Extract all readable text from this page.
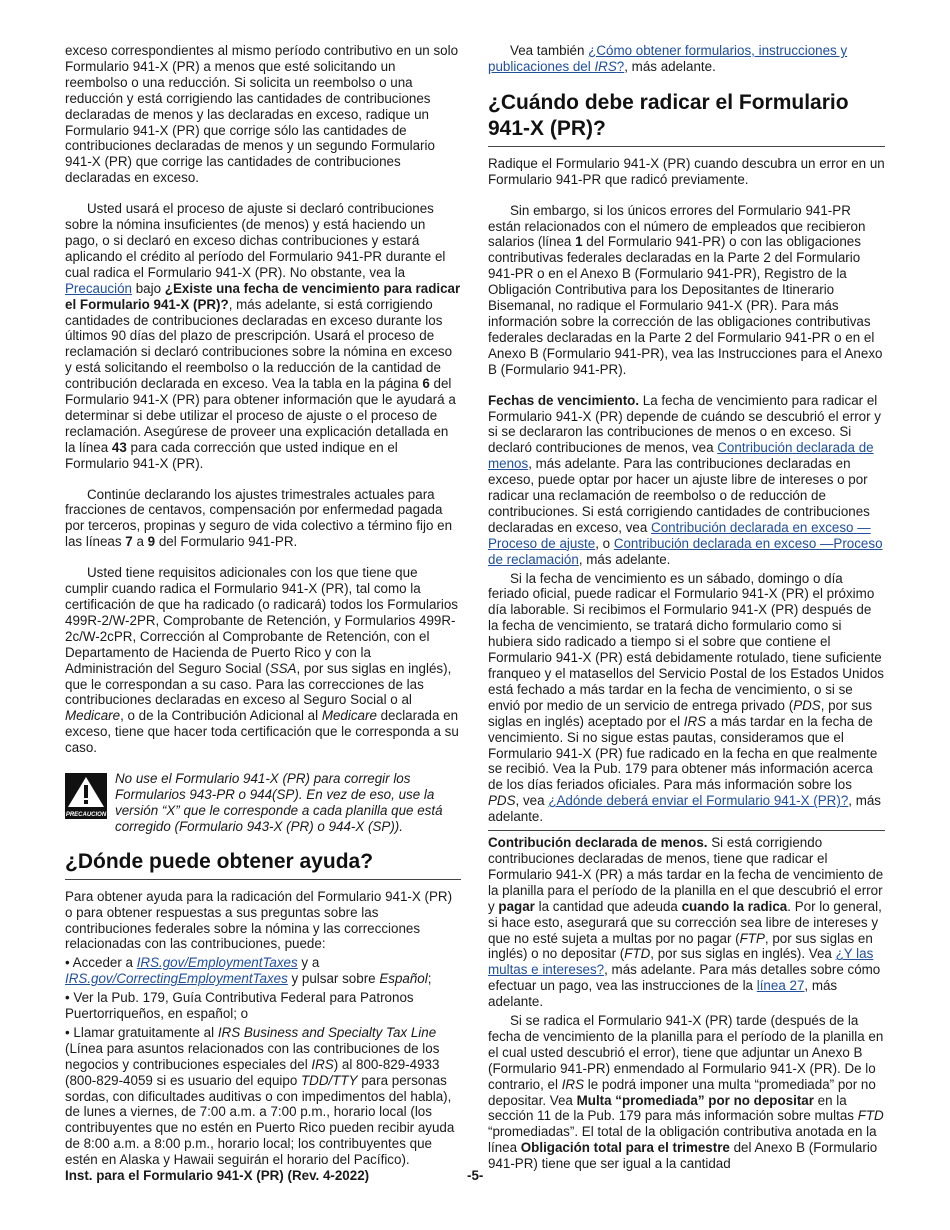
exceso correspondientes al mismo período contributivo en un solo Formulario 941-X (PR) a menos que esté solicitando un reembolso o una reducción. Si solicita un reembolso o una reducción y está corrigiendo las cantidades de contribuciones declaradas de menos y las declaradas en exceso, radique un Formulario 941-X (PR) que corrige sólo las cantidades de contribuciones declaradas de menos y un segundo Formulario 941-X (PR) que corrige las cantidades de contribuciones declaradas en exceso.

Usted usará el proceso de ajuste si declaró contribuciones sobre la nómina insuficientes (de menos) y está haciendo un pago, o si declaró en exceso dichas contribuciones y estará aplicando el crédito al período del Formulario 941-PR durante el cual radica el Formulario 941-X (PR). No obstante, vea la Precaución bajo ¿Existe una fecha de vencimiento para radicar el Formulario 941-X (PR)?, más adelante, si está corrigiendo cantidades de contribuciones declaradas en exceso durante los últimos 90 días del plazo de prescripción. Usará el proceso de reclamación si declaró contribuciones sobre la nómina en exceso y está solicitando el reembolso o la reducción de la cantidad de contribución declarada en exceso. Vea la tabla en la página 6 del Formulario 941-X (PR) para obtener información que le ayudará a determinar si debe utilizar el proceso de ajuste o el proceso de reclamación. Asegúrese de proveer una explicación detallada en la línea 43 para cada corrección que usted indique en el Formulario 941-X (PR).

Continúe declarando los ajustes trimestrales actuales para fracciones de centavos, compensación por enfermedad pagada por terceros, propinas y seguro de vida colectivo a término fijo en las líneas 7 a 9 del Formulario 941-PR.

Usted tiene requisitos adicionales con los que tiene que cumplir cuando radica el Formulario 941-X (PR), tal como la certificación de que ha radicado (o radicará) todos los Formularios 499R-2/W-2PR, Comprobante de Retención, y Formularios 499R-2c/W-2cPR, Corrección al Comprobante de Retención, con el Departamento de Hacienda de Puerto Rico y con la Administración del Seguro Social (SSA, por sus siglas en inglés), que le correspondan a su caso. Para las correcciones de las contribuciones declaradas en exceso al Seguro Social o al Medicare, o de la Contribución Adicional al Medicare declarada en exceso, tiene que hacer toda certificación que le corresponda a su caso.

PRECAUCION
No use el Formulario 941-X (PR) para corregir los Formularios 943-PR o 944(SP). En vez de eso, use la versión “X” que le corresponde a cada planilla que está corregido (Formulario 943-X (PR) o 944-X (SP)).
¿Dónde puede obtener ayuda?

Para obtener ayuda para la radicación del Formulario 941-X (PR) o para obtener respuestas a sus preguntas sobre las contribuciones federales sobre la nómina y las correcciones relacionadas con las contribuciones, puede:

• Acceder a IRS.gov/EmploymentTaxes y a IRS.gov/CorrectingEmploymentTaxes y pulsar sobre Español;

• Ver la Pub. 179, Guía Contributiva Federal para Patronos Puertorriqueños, en español; o

• Llamar gratuitamente al IRS Business and Specialty Tax Line (Línea para asuntos relacionados con las contribuciones de los negocios y contribuciones especiales del IRS) al 800-829-4933 (800-829-4059 si es usuario del equipo TDD/TTY para personas sordas, con dificultades auditivas o con impedimentos del habla), de lunes a viernes, de 7:00 a.m. a 7:00 p.m., horario local (los contribuyentes que no estén en Puerto Rico pueden recibir ayuda de 8:00 a.m. a 8:00 p.m., horario local; los contribuyentes que estén en Alaska y Hawaii seguirán el horario del Pacífico).

Vea también ¿Cómo obtener formularios, instrucciones y publicaciones del IRS?, más adelante.

¿Cuándo debe radicar el Formulario 941-X (PR)?

Radique el Formulario 941-X (PR) cuando descubra un error en un Formulario 941-PR que radicó previamente.

Sin embargo, si los únicos errores del Formulario 941-PR están relacionados con el número de empleados que recibieron salarios (línea 1 del Formulario 941-PR) o con las obligaciones contributivas federales declaradas en la Parte 2 del Formulario 941-PR o en el Anexo B (Formulario 941-PR), Registro de la Obligación Contributiva para los Depositantes de Itinerario Bisemanal, no radique el Formulario 941-X (PR). Para más información sobre la corrección de las obligaciones contributivas federales declaradas en la Parte 2 del Formulario 941-PR o en el Anexo B (Formulario 941-PR), vea las Instrucciones para el Anexo B (Formulario 941-PR).

Fechas de vencimiento. La fecha de vencimiento para radicar el Formulario 941-X (PR) depende de cuándo se descubrió el error y si se declararon las contribuciones de menos o en exceso. Si declaró contribuciones de menos, vea Contribución declarada de menos, más adelante. Para las contribuciones declaradas en exceso, puede optar por hacer un ajuste libre de intereses o por radicar una reclamación de reembolso o de reducción de contribuciones. Si está corrigiendo cantidades de contribuciones declaradas en exceso, vea Contribución declarada en exceso —Proceso de ajuste, o Contribución declarada en exceso —Proceso de reclamación, más adelante.

Si la fecha de vencimiento es un sábado, domingo o día feriado oficial, puede radicar el Formulario 941-X (PR) el próximo día laborable. Si recibimos el Formulario 941-X (PR) después de la fecha de vencimiento, se tratará dicho formulario como si hubiera sido radicado a tiempo si el sobre que contiene el Formulario 941-X (PR) está debidamente rotulado, tiene suficiente franqueo y el matasellos del Servicio Postal de los Estados Unidos está fechado a más tardar en la fecha de vencimiento, o si se envió por medio de un servicio de entrega privado (PDS, por sus siglas en inglés) aceptado por el IRS a más tardar en la fecha de vencimiento. Si no sigue estas pautas, consideramos que el Formulario 941-X (PR) fue radicado en la fecha en que realmente se recibió. Vea la Pub. 179 para obtener más información acerca de los días feriados oficiales. Para más información sobre los PDS, vea ¿Adónde deberá enviar el Formulario 941-X (PR)?, más adelante.

Contribución declarada de menos. Si está corrigiendo contribuciones declaradas de menos, tiene que radicar el Formulario 941-X (PR) a más tardar en la fecha de vencimiento de la planilla para el período de la planilla en el que descubrió el error y pagar la cantidad que adeuda cuando la radica. Por lo general, si hace esto, asegurará que su corrección sea libre de intereses y que no esté sujeta a multas por no pagar (FTP, por sus siglas en inglés) o no depositar (FTD, por sus siglas en inglés). Vea ¿Y las multas e intereses?, más adelante. Para más detalles sobre cómo efectuar un pago, vea las instrucciones de la línea 27, más adelante.

Si se radica el Formulario 941-X (PR) tarde (después de la fecha de vencimiento de la planilla para el período de la planilla en el cual usted descubrió el error), tiene que adjuntar un Anexo B (Formulario 941-PR) enmendado al Formulario 941-X (PR). De lo contrario, el IRS le podrá imponer una multa “promediada” por no depositar. Vea Multa “promediada” por no depositar en la sección 11 de la Pub. 179 para más información sobre multas FTD “promediadas”. El total de la obligación contributiva anotada en la línea Obligación total para el trimestre del Anexo B (Formulario 941-PR) tiene que ser igual a la cantidad

Inst. para el Formulario 941-X (PR) (Rev. 4-2022)	-5-
